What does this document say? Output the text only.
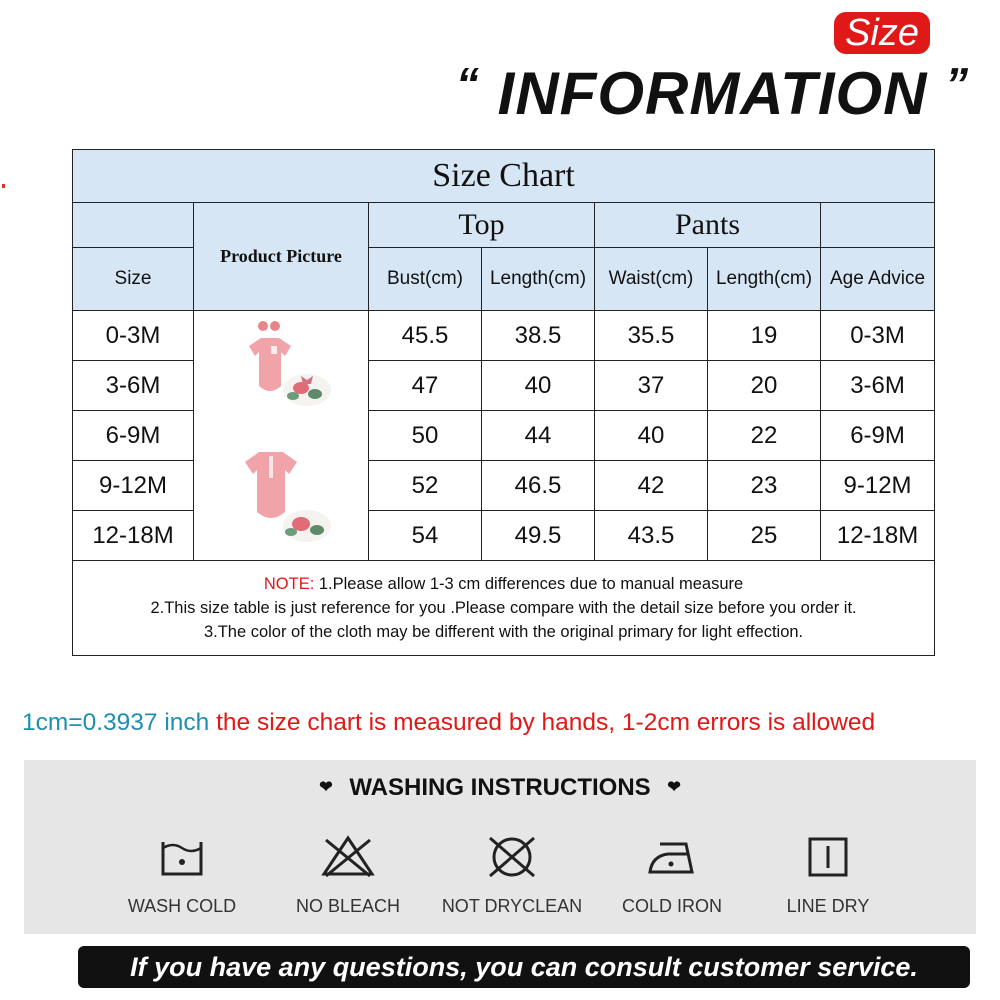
Size
“ INFORMATION ”
Size Chart						
	Product Picture	Top		Pants		
Size		Bust(cm)	Length(cm)	Waist(cm)	Length(cm)	Age Advice
0-3M		45.5	38.5	35.5	19	0-3M
3-6M		47	40	37	20	3-6M
6-9M		50	44	40	22	6-9M
9-12M		52	46.5	42	23	9-12M
12-18M		54	49.5	43.5	25	12-18M

NOTE: 1.Please allow 1-3 cm differences due to manual measure
2.This size table is just reference for you .Please compare with the detail size before you order it.
3.The color of the cloth may be different with the original primary for light effection.						
1cm=0.3937 inch the size chart is measured by hands, 1-2cm errors is allowed
❤ WASHING INSTRUCTIONS ❤
WASH COLD	NO BLEACH	NOT DRYCLEAN	COLD IRON	LINE DRY
If you have any questions, you can consult customer service.
